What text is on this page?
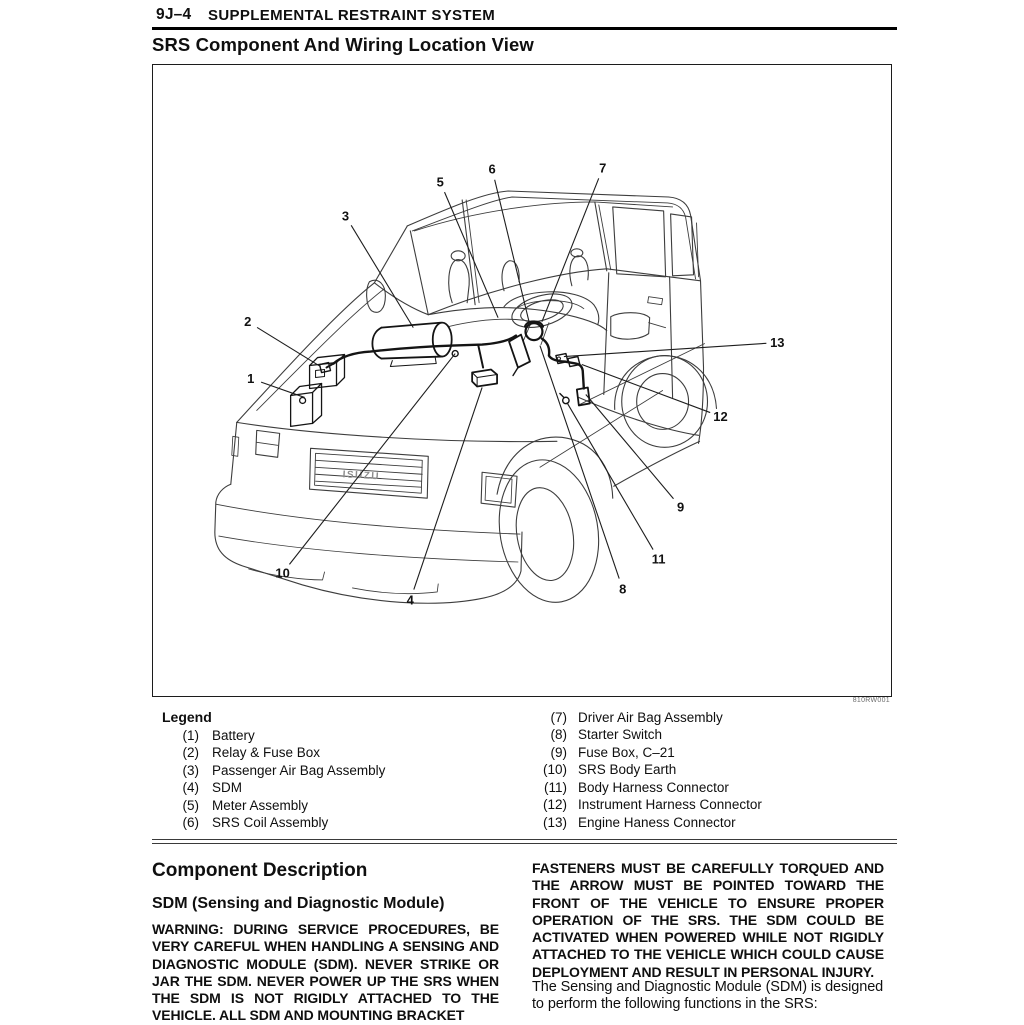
9J–4 SUPPLEMENTAL RESTRAINT SYSTEM
SRS Component And Wiring Location View
ISUZU
1
2
3
4
5
6	7
8
9
10
11
12
13
810RW001
Legend
(1) Battery
(2) Relay & Fuse Box
(3) Passenger Air Bag Assembly
(4) SDM
(5) Meter Assembly
(6) SRS Coil Assembly
(7) Driver Air Bag Assembly
(8) Starter Switch
(9) Fuse Box, C–21
(10) SRS Body Earth
(11) Body Harness Connector
(12) Instrument Harness Connector
(13) Engine Haness Connector
Component Description
SDM (Sensing and Diagnostic Module)
WARNING: DURING SERVICE PROCEDURES, BE VERY CAREFUL WHEN HANDLING A SENSING AND DIAGNOSTIC MODULE (SDM). NEVER STRIKE OR JAR THE SDM. NEVER POWER UP THE SRS WHEN THE SDM IS NOT RIGIDLY ATTACHED TO THE VEHICLE. ALL SDM AND MOUNTING BRACKET
FASTENERS MUST BE CAREFULLY TORQUED AND THE ARROW MUST BE POINTED TOWARD THE FRONT OF THE VEHICLE TO ENSURE PROPER OPERATION OF THE SRS. THE SDM COULD BE ACTIVATED WHEN POWERED WHILE NOT RIGIDLY ATTACHED TO THE VEHICLE WHICH COULD CAUSE DEPLOYMENT AND RESULT IN PERSONAL INJURY.
The Sensing and Diagnostic Module (SDM) is designed to perform the following functions in the SRS:
